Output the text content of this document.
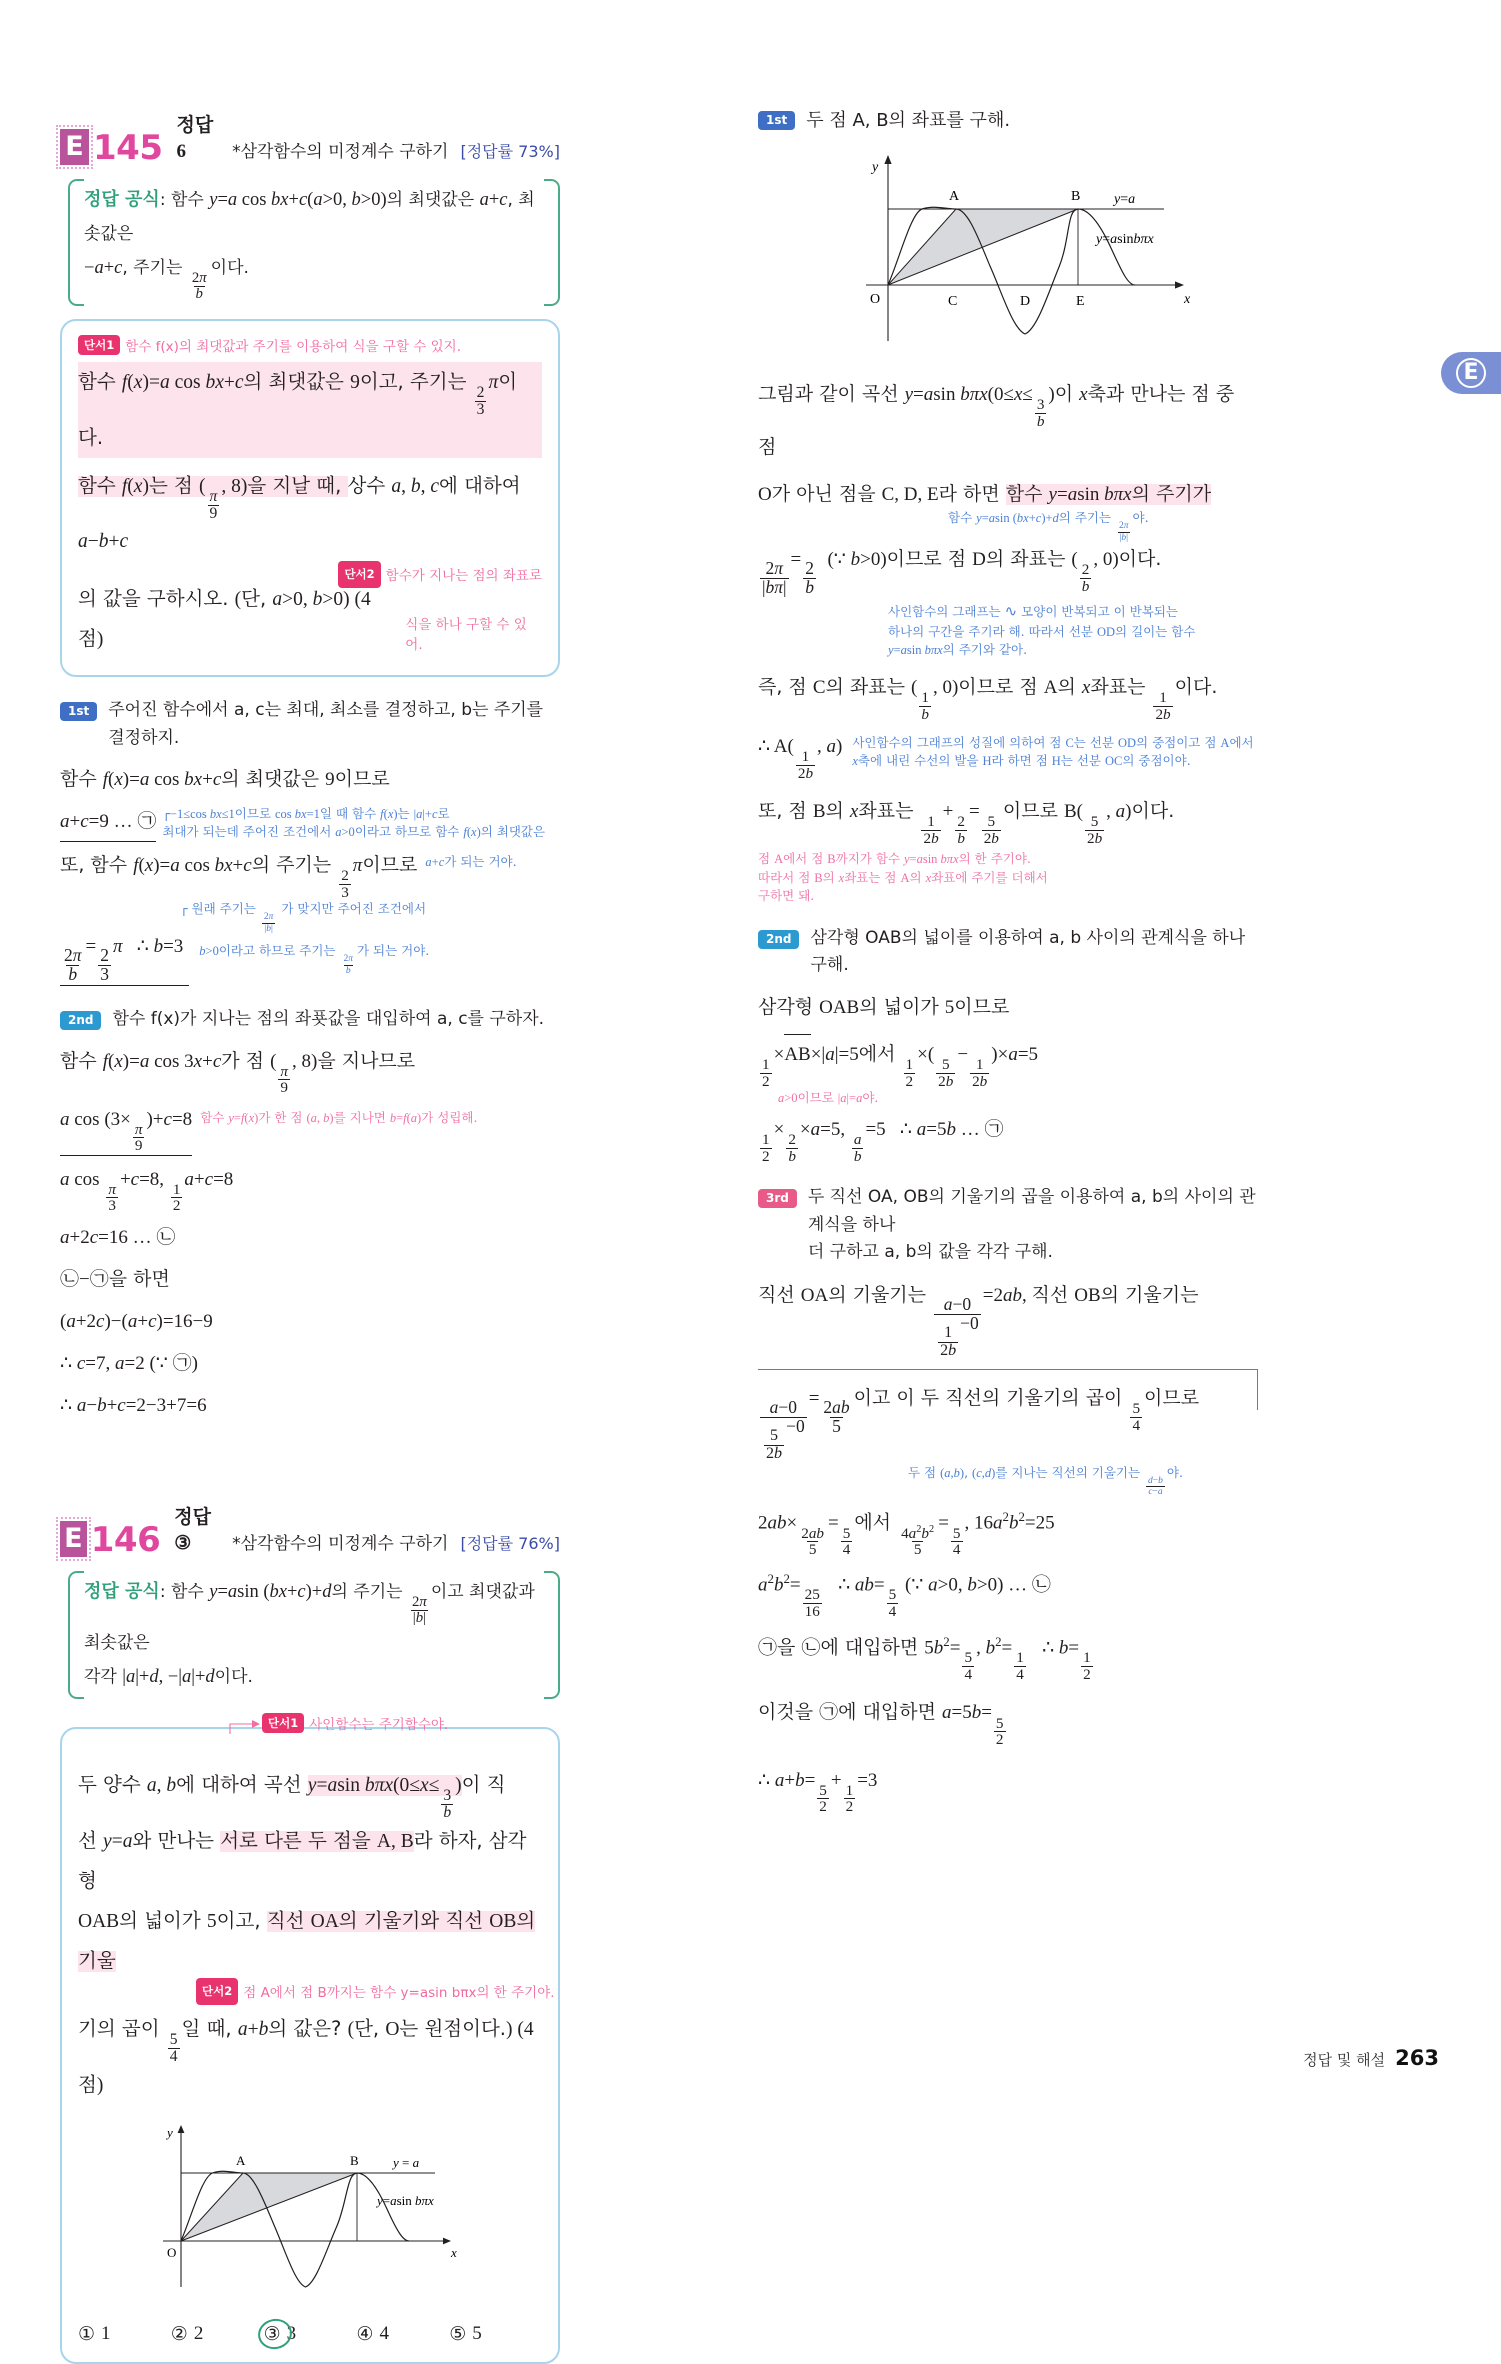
E
E 145
정답 6	*삼각함수의 미정계수 구하기 [정답률 73%]
정답 공식: 함수 y=a cos bx+c(a>0, b>0)의 최댓값은 a+c, 최솟값은
−a+c, 주기는
$\frac{2\pi}{b}$
이다.
단서1 함수 f(x)의 최댓값과 주기를 이용하여 식을 구할 수 있지.
함수 f(x)=a cos bx+c의 최댓값은 9이고, 주기는
$\frac{2}{3}$
π이다.
함수 f(x)는 점 (
$\frac{\pi}{9}$
, 8)을 지날 때, 상수 a, b, c에 대하여 a−b+c
단서2 함수가 지나는 점의 좌표로
의 값을 구하시오. (단, a>0, b>0) (4점)
식을 하나 구할 수 있어.
1st	주어진 함수에서 a, c는 최대, 최소를 결정하고, b는 주기를 결정하지.
함수 f(x)=a cos bx+c의 최댓값은 9이므로
a+c=9 … ㉠ ┌−1≤cos bx≤1이므로 cos bx=1일 때 함수 f(x)는 |a|+c로
최대가 되는데 주어진 조건에서 a>0이라고 하므로 함수 f(x)의 최댓값은
또, 함수 f(x)=a cos bx+c의 주기는
$\frac{2}{3}$
π이므로 a+c가 되는 거야.
┌ 원래 주기는
$\frac{2\pi}{|b|}$
가 맞지만 주어진 조건에서
$\frac{2\pi}{b}$
=
$\frac{2}{3}$
π   ∴ b=3	b>0이라고 하므로 주기는
$\frac{2\pi}{b}$
가 되는 거야.
2nd	함수 f(x)가 지나는 점의 좌푯값을 대입하여 a, c를 구하자.
함수 f(x)=a cos 3x+c가 점 (
$\frac{\pi}{9}$
, 8)을 지나므로
a cos (3×
$\frac{\pi}{9}$
)+c=8 함수 y=f(x)가 한 점 (a, b)를 지나면 b=f(a)가 성립해.
a cos
$\frac{\pi}{3}$
+c=8,
$\frac{1}{2}$
a+c=8
a+2c=16 … ㉡
㉡−㉠을 하면
(a+2c)−(a+c)=16−9
∴ c=7, a=2 (∵ ㉠)
∴ a−b+c=2−3+7=6
E 146
정답 ③	*삼각함수의 미정계수 구하기 [정답률 76%]
정답 공식: 함수 y=asin (bx+c)+d의 주기는
$\frac{2\pi}{|b|}$
이고 최댓값과 최솟값은
각각 |a|+d, −|a|+d이다.
단서1 사인함수는 주기함수야.
두 양수 a, b에 대하여 곡선 y=asin bπx(0≤x≤
$\frac{3}{b}$
)이 직
선 y=a와 만나는 서로 다른 두 점을 A, B라 하자, 삼각형
OAB의 넓이가 5이고, 직선 OA의 기울기와 직선 OB의 기울
단서2 점 A에서 점 B까지는 함수 y=asin bπx의 한 주기야.
기의 곱이
$\frac{5}{4}$
일 때, a+b의 값은? (단, O는 원점이다.) (4점)
y
x
O
A	B	y = a
y=asin bπx
① 1	② 2	③ 3	④ 4	⑤ 5
1st	두 점 A, B의 좌표를 구해.
y
x
O
A	B
C	D	E
y=a
y=asinbπx
그림과 같이 곡선 y=asin bπx(0≤x≤
$\frac{3}{b}$
)이 x축과 만나는 점 중 점
O가 아닌 점을 C, D, E라 하면 함수 y=asin bπx의 주기가
함수 y=asin (bx+c)+d의 주기는
$\frac{2\pi}{|b|}$
야.
$\frac{2\pi}{|b\pi|}$
=
$\frac{2}{b}$
(∵ b>0)이므로 점 D의 좌표는 (
$\frac{2}{b}$
, 0)이다.
사인함수의 그래프는 ∿ 모양이 반복되고 이 반복되는
하나의 구간을 주기라 해. 따라서 선분 OD의 길이는 함수
y=asin bπx의 주기와 같아.
즉, 점 C의 좌표는 (
$\frac{1}{b}$
, 0)이므로 점 A의 x좌표는
$\frac{1}{2b}$
이다.
∴ A(
$\frac{1}{2b}$
, a) 사인함수의 그래프의 성질에 의하여 점 C는 선분 OD의 중점이고 점 A에서
x축에 내린 수선의 발을 H라 하면 점 H는 선분 OC의 중점이야.
또, 점 B의 x좌표는
$\frac{1}{2b}$
+
$\frac{2}{b}$
=
$\frac{5}{2b}$
이므로 B(
$\frac{5}{2b}$
, a)이다.
점 A에서 점 B까지가 함수 y=asin bπx의 한 주기야.
따라서 점 B의 x좌표는 점 A의 x좌표에 주기를 더해서
구하면 돼.
2nd	삼각형 OAB의 넓이를 이용하여 a, b 사이의 관계식을 하나 구해.
삼각형 OAB의 넓이가 5이므로
$\frac{1}{2}$
×AB×|a|=5에서
$\frac{1}{2}$
×(
$\frac{5}{2b}$
−
$\frac{1}{2b}$
)×a=5
a>0이므로 |a|=a야.
$\frac{1}{2}$
×
$\frac{2}{b}$
×a=5,
$\frac{a}{b}$
=5   ∴ a=5b … ㉠
3rd	두 직선 OA, OB의 기울기의 곱을 이용하여 a, b의 사이의 관계식을 하나
더 구하고 a, b의 값을 각각 구해.
직선 OA의 기울기는
a−0
$\frac{1}{2b}$
−0
=2ab, 직선 OB의 기울기는
a−0
$\frac{5}{2b}$
−0
=
$\frac{2ab}{5}$
이고 이 두 직선의 기울기의 곱이
$\frac{5}{4}$
이므로
두 점 (a,b), (c,d)를 지나는 직선의 기울기는
$\frac{d-b}{c-a}$
야.
2ab×
$\frac{2ab}{5}$
=
$\frac{5}{4}$
에서
$\frac{4a^2b^2}{5}$
=
$\frac{5}{4}$
, $16a^2b^2=25$
$a^2b^2=$
$\frac{25}{16}$
∴ ab=
$\frac{5}{4}$
(∵ a>0, b>0) … ㉡
㉠을 ㉡에 대입하면 $5b^2=$
$\frac{5}{4}$
, $b^2=$
$\frac{1}{4}$
∴ b=
$\frac{1}{2}$
이것을 ㉠에 대입하면 a=5b=
$\frac{5}{2}$
∴ a+b=
$\frac{5}{2}$
+
$\frac{1}{2}$
=3
정답 및 해설 263
